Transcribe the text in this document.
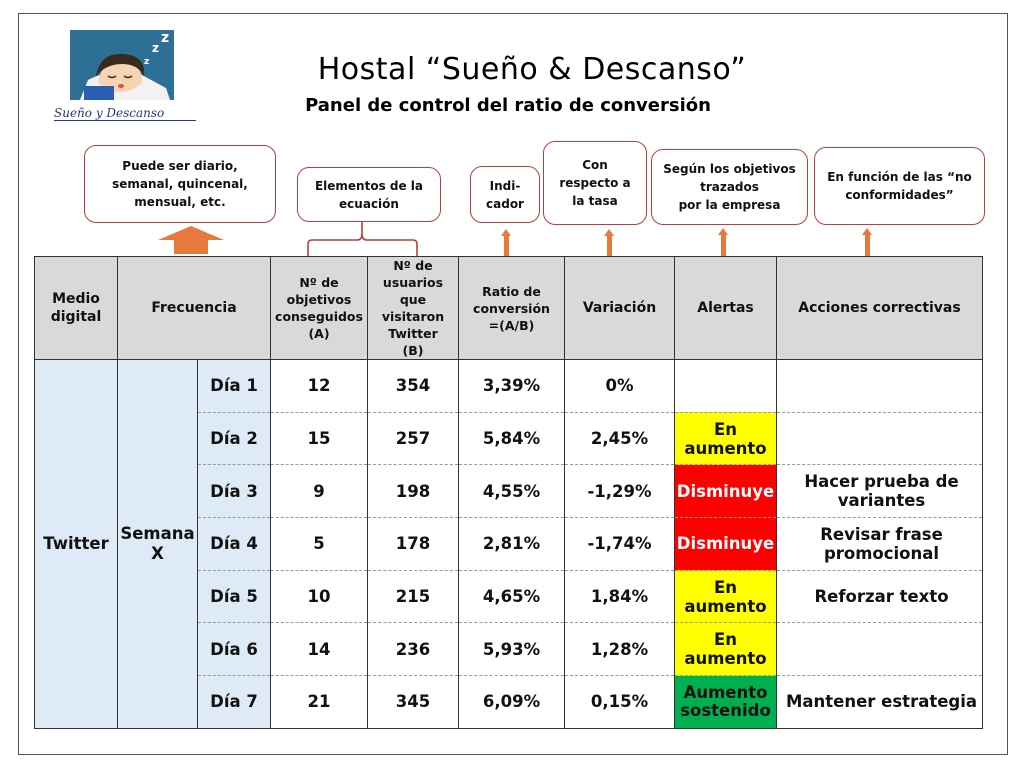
z
z
z
Sueño y Descanso
Hostal “Sueño & Descanso”
Panel de control del ratio de conversión
Puede ser diario,
semanal, quincenal,
mensual, etc.
Elementos de la
ecuación
Indi-
cador
Con
respecto a
la tasa
Según los objetivos
trazados
por la empresa
En función de las “no
conformidades”
Medio
digital	Frecuencia		Nº de
objetivos
conseguidos
(A)	Nº de
usuarios que
visitaron
Twitter
(B)	Ratio de
conversión
=(A/B)	Variación	Alertas	Acciones correctivas
Twitter	Semana
X	Día 1	12	354	3,39%	0%		
		Día 2	15	257	5,84%	2,45%	En aumento	
		Día 3	9	198	4,55%	-1,29%	Disminuye	Hacer prueba de variantes
		Día 4	5	178	2,81%	-1,74%	Disminuye	Revisar frase promocional
		Día 5	10	215	4,65%	1,84%	En aumento	Reforzar texto
		Día 6	14	236	5,93%	1,28%	En aumento	
		Día 7	21	345	6,09%	0,15%	Aumento
sostenido	Mantener estrategia
